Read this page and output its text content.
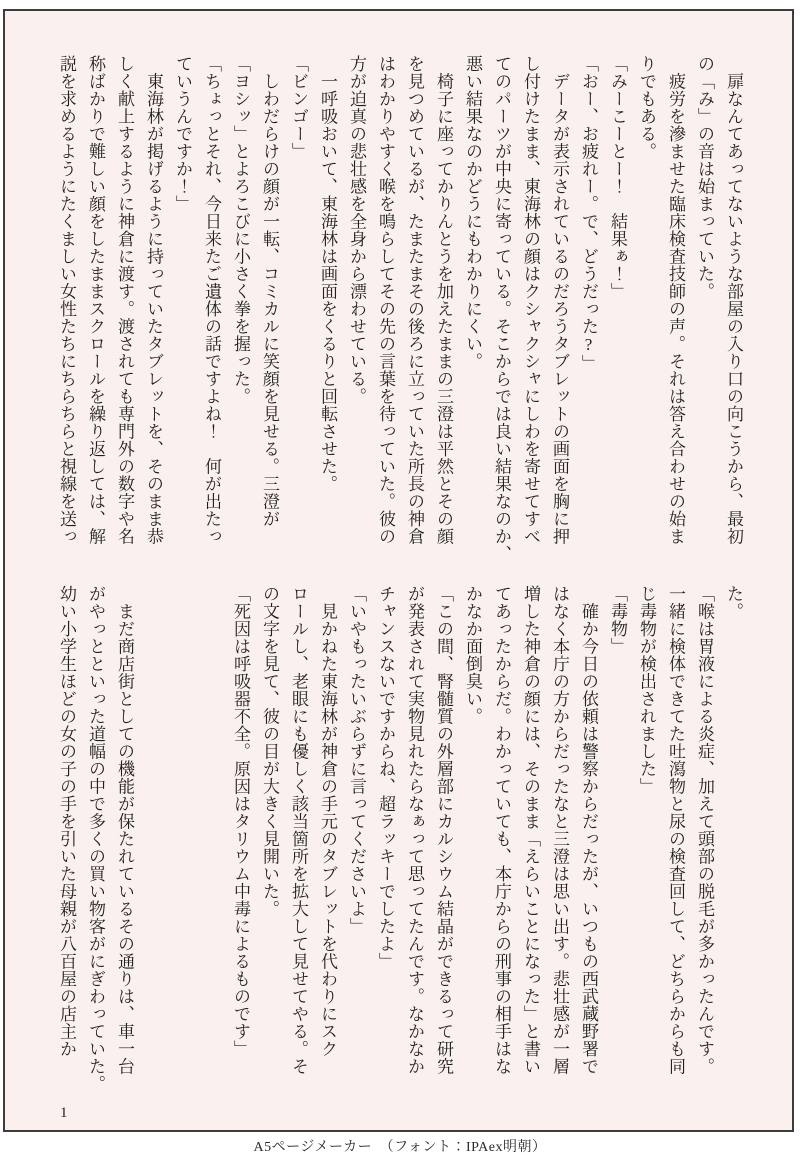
　扉なんてあってないような部屋の入り口の向こうから、最初

の「み」の音は始まっていた。

　疲労を滲ませた臨床検査技師の声。それは答え合わせの始ま

りでもある。

「みーこーとー！　結果ぁ！」

「おー、お疲れー。で、どうだった?」

　データが表示されているのだろうタブレットの画面を胸に押

し付けたまま、東海林の顔はクシャクシャにしわを寄せてすべ

てのパーツが中央に寄っている。そこからでは良い結果なのか、

悪い結果なのかどうにもわかりにくい。

　椅子に座ってかりんとうを加えたままの三澄は平然とその顔

を見つめているが、たまたまその後ろに立っていた所長の神倉

はわかりやすく喉を鳴らしてその先の言葉を待っていた。彼の

方が迫真の悲壮感を全身から漂わせている。

　一呼吸おいて、東海林は画面をくるりと回転させた。

「ビンゴー」

　しわだらけの顔が一転、コミカルに笑顔を見せる。三澄が

「ヨシッ」とよろこびに小さく拳を握った。

「ちょっとそれ、今日来たご遺体の話ですよね！　何が出たっ

ていうんですか！」

　東海林が掲げるように持っていたタブレットを、そのまま恭

しく献上するように神倉に渡す。渡されても専門外の数字や名

称ばかりで難しい顔をしたままスクロールを繰り返しては、解

説を求めるようにたくましい女性たちにちらちらと視線を送っ

た。

「喉は胃液による炎症、加えて頭部の脱毛が多かったんです。

一緒に検体できてた吐瀉物と尿の検査回して、どちらからも同

じ毒物が検出されました」

「毒物」

　確か今日の依頼は警察からだったが、いつもの西武蔵野署で

はなく本庁の方からだったなと三澄は思い出す。悲壮感が一層

増した神倉の顔には、そのまま「えらいことになった」と書い

てあったからだ。わかっていても、本庁からの刑事の相手はな

かなか面倒臭い。

「この間、腎髄質の外層部にカルシウム結晶ができるって研究

が発表されて実物見れたらなぁって思ってたんです。なかなか

チャンスないですからね、超ラッキーでしたよ」

「いやもったいぶらずに言ってくださいよ」

　見かねた東海林が神倉の手元のタブレットを代わりにスク

ロールし、老眼にも優しく該当箇所を拡大して見せてやる。そ

の文字を見て、彼の目が大きく見開いた。

「死因は呼吸器不全。原因はタリウム中毒によるものです」

　まだ商店街としての機能が保たれているその通りは、車一台

がやっとといった道幅の中で多くの買い物客がにぎわっていた。

幼い小学生ほどの女の子の手を引いた母親が八百屋の店主か

1
A5ページメーカー　（フォント：IPAex明朝）
